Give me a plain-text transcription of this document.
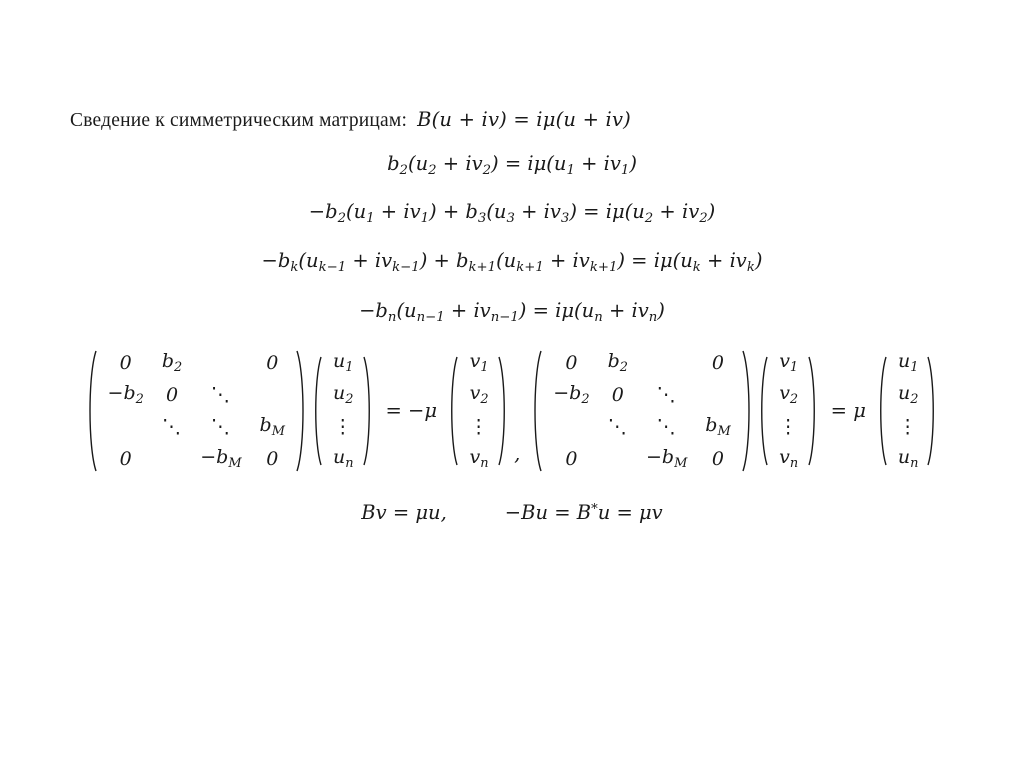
Сведение к симметрическим матрицам: B(u + iv) = iμ(u + iv)
$b_2(u_2 + iv_2) = i\mu(u_1 + iv_1)$
$-b_2(u_1 + iv_1) + b_3(u_3 + iv_3) = i\mu(u_2 + iv_2)$
$-b_k(u_{k-1} + iv_{k-1}) + b_{k+1}(u_{k+1} + iv_{k+1}) = i\mu(u_k + iv_k)$
$-b_n(u_{n-1} + iv_{n-1}) = i\mu(u_n + iv_n)$
0	$b_2$		0
$-b_2$	0	⋱	
	⋱	⋱	$b_M$
0		$-b_M$	0
$u_1$
$u_2$
⋮
$u_n$
= −μ
$v_1$
$v_2$
⋮
$v_n$ ,
0	$b_2$		0
$-b_2$	0	⋱	
	⋱	⋱	$b_M$
0		$-b_M$	0
$v_1$
$v_2$
⋮
$v_n$
= μ
$u_1$
$u_2$
⋮
$u_n$
Bv = μu,	−Bu = B*u = μv
